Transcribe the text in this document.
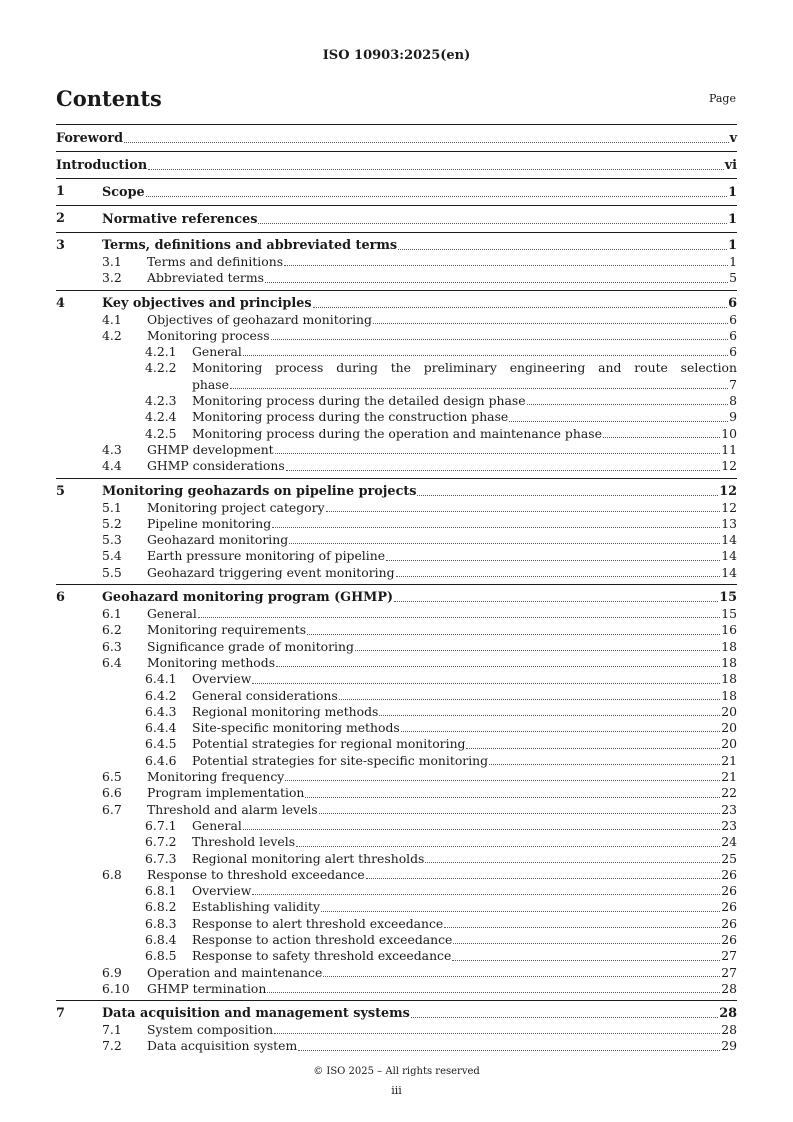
ISO 10903:2025(en)
Contents	Page
Foreword	v
Introduction	vi
1	Scope	1
2	Normative references	1
3	Terms, definitions and abbreviated terms	1
3.1 Terms and definitions	1
3.2 Abbreviated terms	5
4	Key objectives and principles	6
4.1 Objectives of geohazard monitoring	6
4.2 Monitoring process	6
4.2.1 General	6
4.2.2 Monitoring process during the preliminary engineering and route selection
phase	7
4.2.3 Monitoring process during the detailed design phase	8
4.2.4 Monitoring process during the construction phase	9
4.2.5 Monitoring process during the operation and maintenance phase	10
4.3 GHMP development	11
4.4 GHMP considerations	12
5	Monitoring geohazards on pipeline projects	12
5.1 Monitoring project category	12
5.2 Pipeline monitoring	13
5.3 Geohazard monitoring	14
5.4 Earth pressure monitoring of pipeline	14
5.5 Geohazard triggering event monitoring	14
6	Geohazard monitoring program (GHMP)	15
6.1 General	15
6.2 Monitoring requirements	16
6.3 Significance grade of monitoring	18
6.4 Monitoring methods	18
6.4.1 Overview	18
6.4.2 General considerations	18
6.4.3 Regional monitoring methods	20
6.4.4 Site-specific monitoring methods	20
6.4.5 Potential strategies for regional monitoring	20
6.4.6 Potential strategies for site-specific monitoring	21
6.5 Monitoring frequency	21
6.6 Program implementation	22
6.7 Threshold and alarm levels	23
6.7.1 General	23
6.7.2 Threshold levels	24
6.7.3 Regional monitoring alert thresholds	25
6.8 Response to threshold exceedance	26
6.8.1 Overview	26
6.8.2 Establishing validity	26
6.8.3 Response to alert threshold exceedance	26
6.8.4 Response to action threshold exceedance	26
6.8.5 Response to safety threshold exceedance	27
6.9 Operation and maintenance	27
6.10 GHMP termination	28
7	Data acquisition and management systems	28
7.1 System composition	28
7.2 Data acquisition system	29
© ISO 2025 – All rights reserved
iii
